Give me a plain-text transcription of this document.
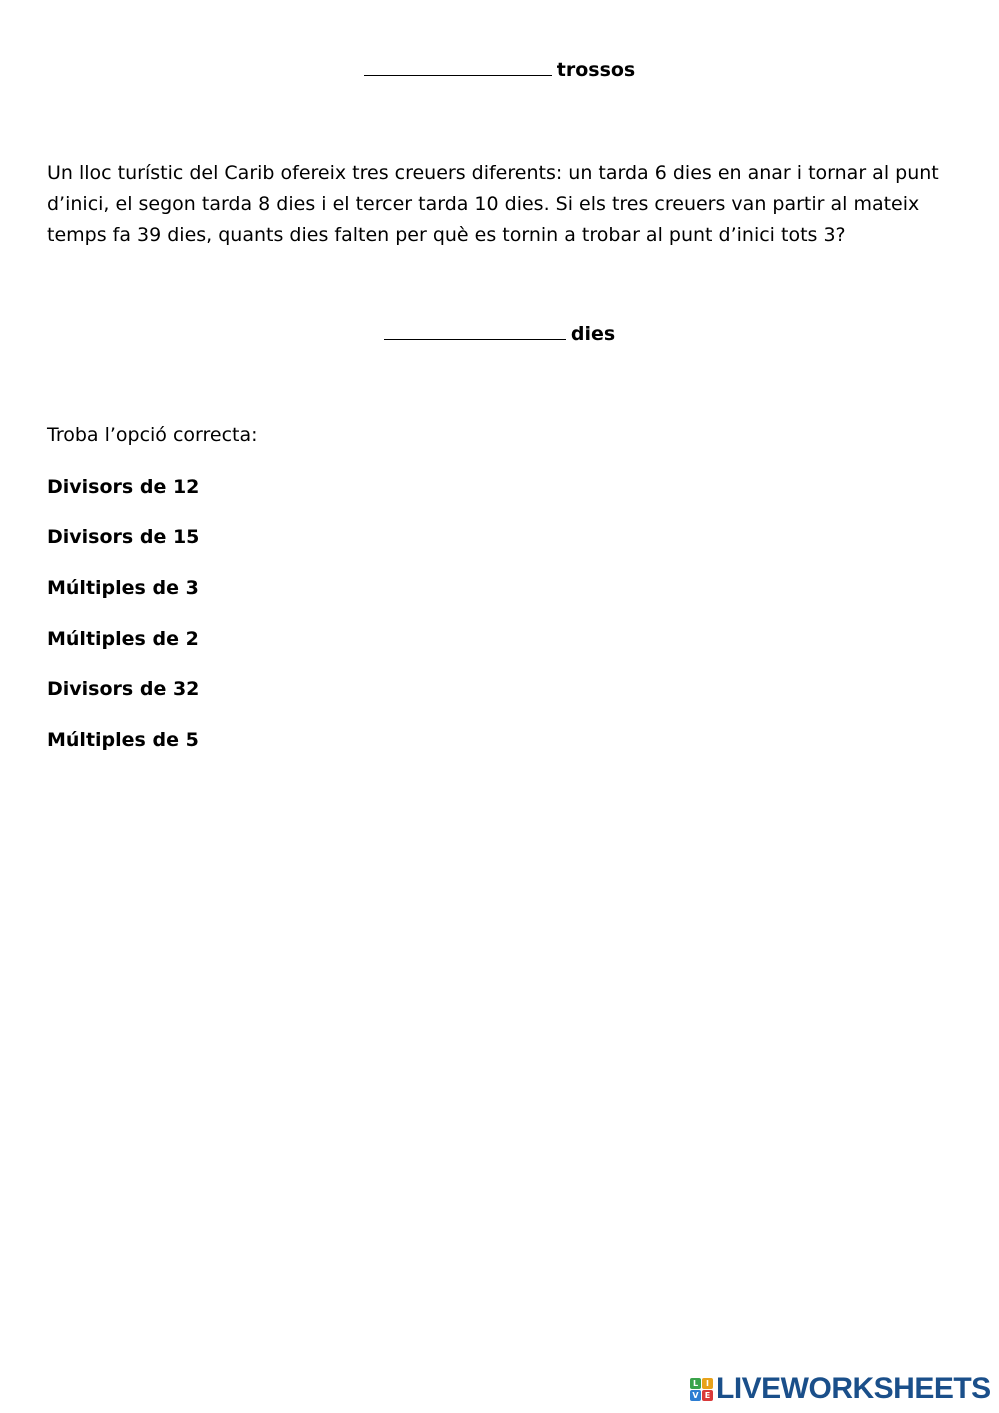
trossos

Un lloc turístic del Carib ofereix tres creuers diferents: un tarda 6 dies en anar i tornar al punt d’inici, el segon tarda 8 dies i el tercer tarda 10 dies. Si els tres creuers van partir al mateix temps fa 39 dies, quants dies falten per què es tornin a trobar al punt d’inici tots 3?

dies

Troba l’opció correcta:

Divisors de 12

Divisors de 15

Múltiples de 3

Múltiples de 2

Divisors de 32

Múltiples de 5

L I
V E LIVEWORKSHEETS
